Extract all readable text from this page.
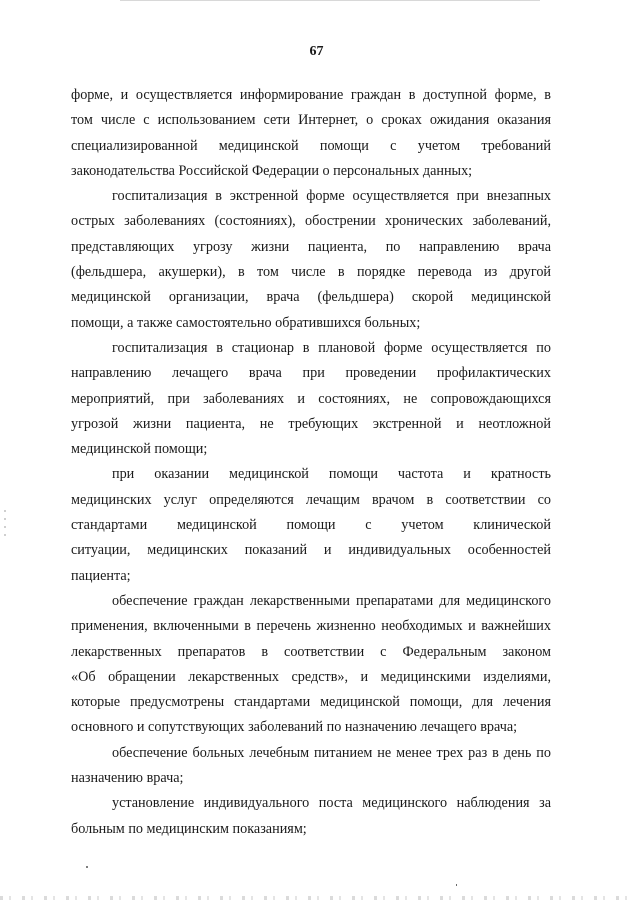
67
форме, и осуществляется информирование граждан в доступной форме, в
том числе с использованием сети Интернет, о сроках ожидания оказания
специализированной медицинской помощи с учетом требований
законодательства Российской Федерации о персональных данных;
госпитализация в экстренной форме осуществляется при внезапных
острых заболеваниях (состояниях), обострении хронических заболеваний,
представляющих угрозу жизни пациента, по направлению врача
(фельдшера, акушерки), в том числе в порядке перевода из другой
медицинской организации, врача (фельдшера) скорой медицинской
помощи, а также самостоятельно обратившихся больных;
госпитализация в стационар в плановой форме осуществляется по
направлению лечащего врача при проведении профилактических
мероприятий, при заболеваниях и состояниях, не сопровождающихся
угрозой жизни пациента, не требующих экстренной и неотложной
медицинской помощи;
при оказании медицинской помощи частота и кратность
медицинских услуг определяются лечащим врачом в соответствии со
стандартами медицинской помощи с учетом клинической
ситуации, медицинских показаний и индивидуальных особенностей
пациента;
обеспечение граждан лекарственными препаратами для медицинского
применения, включенными в перечень жизненно необходимых и важнейших
лекарственных препаратов в соответствии с Федеральным законом
«Об обращении лекарственных средств», и медицинскими изделиями,
которые предусмотрены стандартами медицинской помощи, для лечения
основного и сопутствующих заболеваний по назначению лечащего врача;
обеспечение больных лечебным питанием не менее трех раз в день по
назначению врача;
установление индивидуального поста медицинского наблюдения за
больным по медицинским показаниям;
